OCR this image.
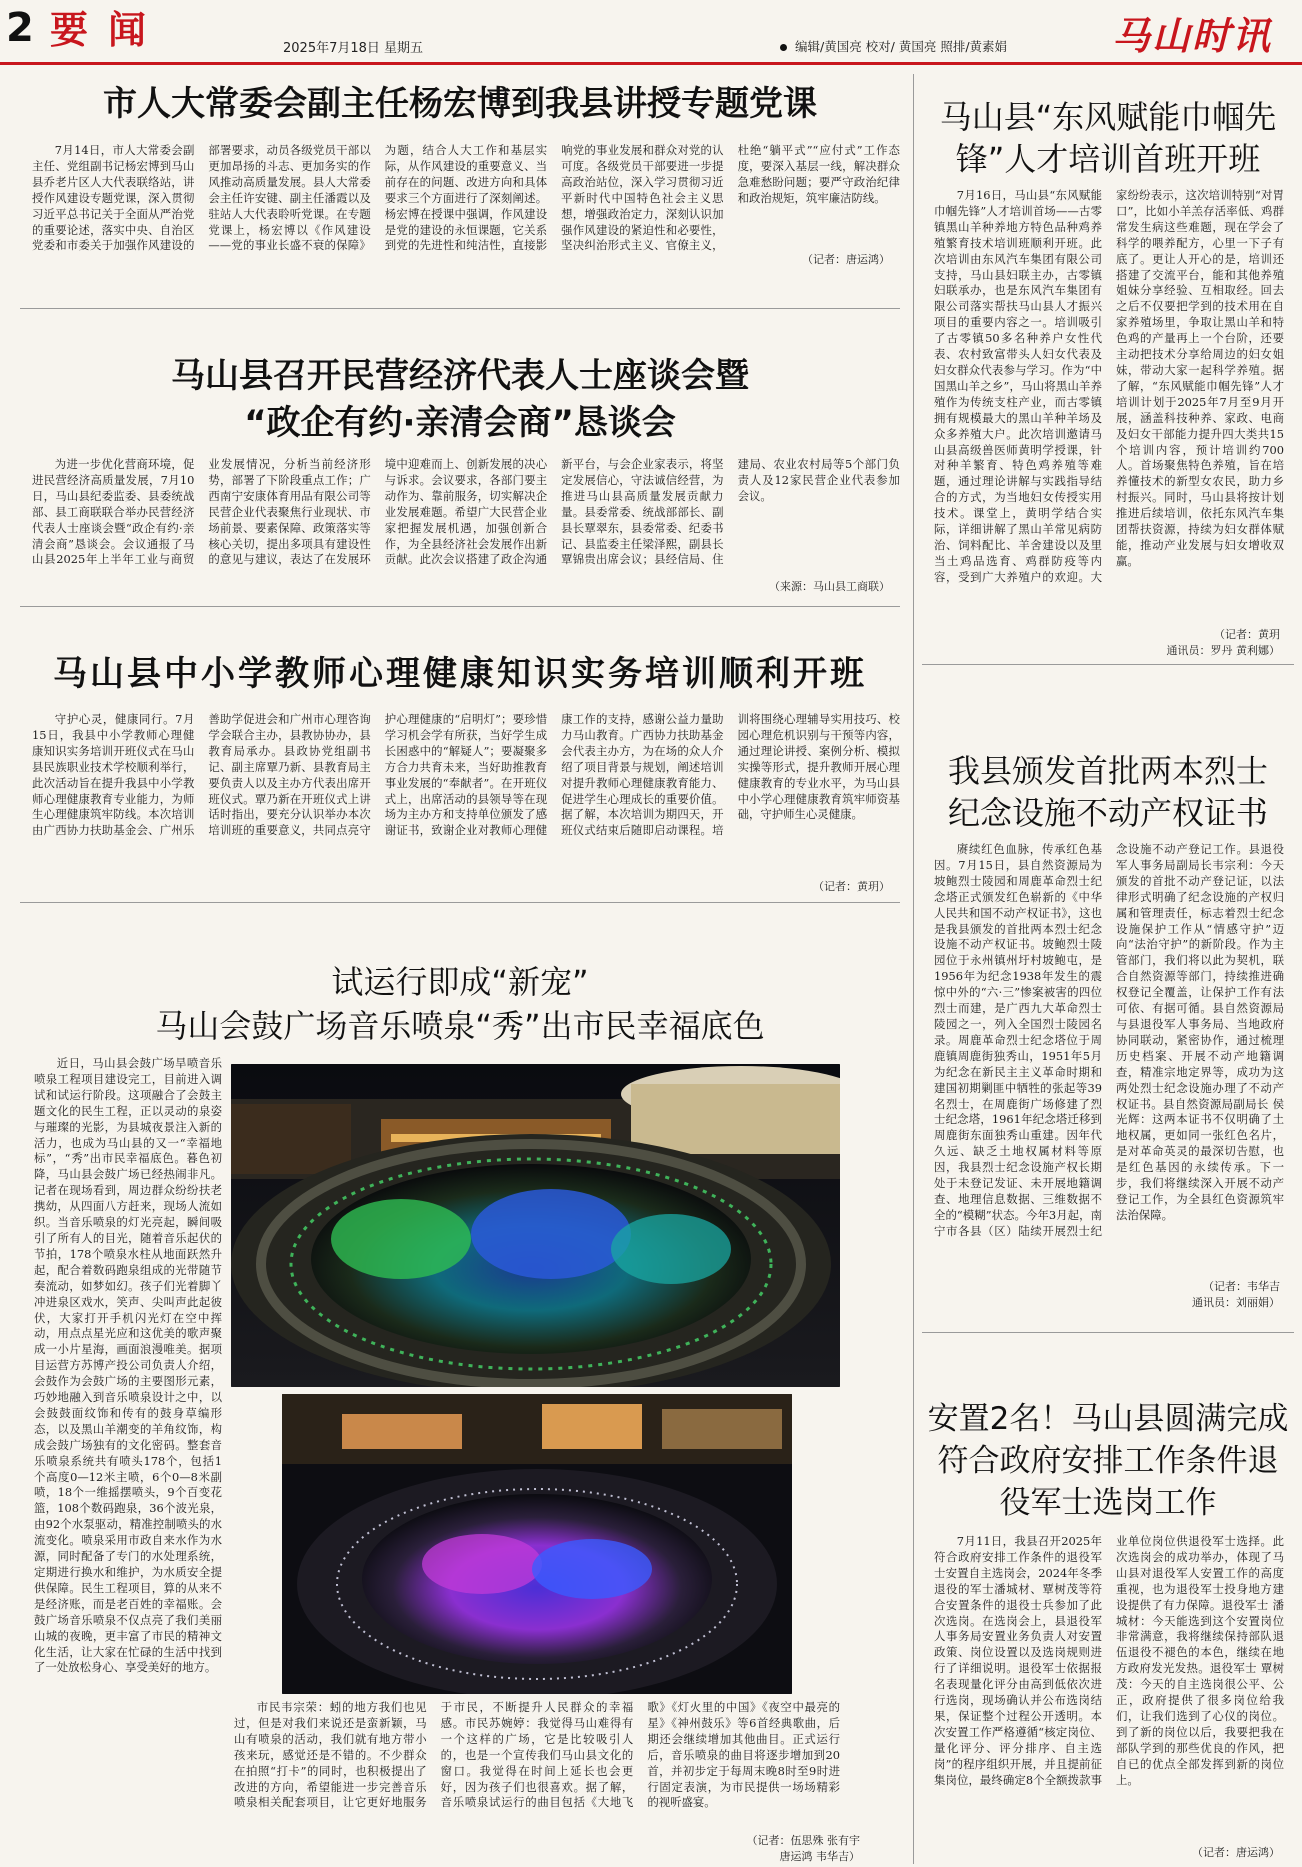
2 要闻	2025年7月18日 星期五	编辑/黄国亮 校对/ 黄国亮 照排/黄素娟	马山时讯
市人大常委会副主任杨宏博到我县讲授专题党课

7月14日，市人大常委会副主任、党组副书记杨宏博到马山县乔老片区人大代表联络站，讲授作风建设专题党课，深入贯彻习近平总书记关于全面从严治党的重要论述，落实中央、自治区党委和市委关于加强作风建设的部署要求，动员各级党员干部以更加昂扬的斗志、更加务实的作风推动高质量发展。县人大常委会主任许安键、副主任潘霞以及驻站人大代表聆听党课。在专题党课上，杨宏博以《作风建设——党的事业长盛不衰的保障》为题，结合人大工作和基层实际，从作风建设的重要意义、当前存在的问题、改进方向和具体要求三个方面进行了深刻阐述。杨宏博在授课中强调，作风建设是党的建设的永恒课题，它关系到党的先进性和纯洁性，直接影响党的事业发展和群众对党的认可度。各级党员干部要进一步提高政治站位，深入学习贯彻习近平新时代中国特色社会主义思想，增强政治定力，深刻认识加强作风建设的紧迫性和必要性，坚决纠治形式主义、官僚主义，杜绝“躺平式”“应付式”工作态度，要深入基层一线，解决群众急难愁盼问题；要严守政治纪律和政治规矩，筑牢廉洁防线。

（记者：唐运鸿）
马山县召开民营经济代表人士座谈会暨
“政企有约·亲清会商”恳谈会

为进一步优化营商环境，促进民营经济高质量发展，7月10日，马山县纪委监委、县委统战部、县工商联联合举办民营经济代表人士座谈会暨“政企有约·亲清会商”恳谈会。会议通报了马山县2025年上半年工业与商贸业发展情况，分析当前经济形势，部署了下阶段重点工作；广西南宁安康体育用品有限公司等民营企业代表聚焦行业现状、市场前景、要素保障、政策落实等核心关切，提出多项具有建设性的意见与建议，表达了在发展环境中迎难而上、创新发展的决心与诉求。会议要求，各部门要主动作为、靠前服务，切实解决企业发展难题。希望广大民营企业家把握发展机遇，加强创新合作，为全县经济社会发展作出新贡献。此次会议搭建了政企沟通新平台，与会企业家表示，将坚定发展信心，守法诚信经营，为推进马山县高质量发展贡献力量。县委常委、统战部部长、副县长覃翠东，县委常委、纪委书记、县监委主任梁泽熙，副县长覃锦贵出席会议；县经信局、住建局、农业农村局等5个部门负责人及12家民营企业代表参加会议。

（来源：马山县工商联）
马山县中小学教师心理健康知识实务培训顺利开班

守护心灵，健康同行。7月15日，我县中小学教师心理健康知识实务培训开班仪式在马山县民族职业技术学校顺利举行，此次活动旨在提升我县中小学教师心理健康教育专业能力，为师生心理健康筑牢防线。本次培训由广西协力扶助基金会、广州乐善助学促进会和广州市心理咨询学会联合主办，县教协协办，县教育局承办。县政协党组副书记、副主席覃乃新、县教育局主要负责人以及主办方代表出席开班仪式。覃乃新在开班仪式上讲话时指出，要充分认识举办本次培训班的重要意义，共同点亮守护心理健康的“启明灯”；要珍惜学习机会学有所获，当好学生成长困惑中的“解疑人”；要凝聚多方合力共育未来，当好助推教育事业发展的“奉献者”。在开班仪式上，出席活动的县领导等在现场为主办方和支持单位颁发了感谢证书，致谢企业对教师心理健康工作的支持，感谢公益力量助力马山教育。广西协力扶助基金会代表主办方，为在场的众人介绍了项目背景与规划，阐述培训对提升教师心理健康教育能力、促进学生心理成长的重要价值。据了解，本次培训为期四天，开班仪式结束后随即启动课程。培训将围绕心理辅导实用技巧、校园心理危机识别与干预等内容，通过理论讲授、案例分析、模拟实操等形式，提升教师开展心理健康教育的专业水平，为马山县中小学心理健康教育筑牢师资基础，守护师生心灵健康。

（记者：黄玥）
试运行即成“新宠”
马山会鼓广场音乐喷泉“秀”出市民幸福底色

近日，马山县会鼓广场旱喷音乐喷泉工程项目建设完工，目前进入调试和试运行阶段。这项融合了会鼓主题文化的民生工程，正以灵动的泉姿与璀璨的光影，为县城夜景注入新的活力，也成为马山县的又一“幸福地标”，“秀”出市民幸福底色。暮色初降，马山县会鼓广场已经热闹非凡。记者在现场看到，周边群众纷纷扶老携幼，从四面八方赶来，现场人流如织。当音乐喷泉的灯光亮起，瞬间吸引了所有人的目光，随着音乐起伏的节拍，178个喷泉水柱从地面跃然升起，配合着数码跑泉组成的光带随节奏流动，如梦如幻。孩子们光着脚丫冲进泉区戏水，笑声、尖叫声此起彼伏，大家打开手机闪光灯在空中挥动，用点点星光应和这优美的歌声聚成一小片星海，画面浪漫唯美。据项目运营方苏博产投公司负责人介绍，会鼓作为会鼓广场的主要图形元素，巧妙地融入到音乐喷泉设计之中，以会鼓鼓面纹饰和传有的鼓身草编形态，以及黑山羊潮变的羊角纹饰，构成会鼓广场独有的文化密码。整套音乐喷泉系统共有喷头178个，包括1个高度0—12米主喷，6个0—8米副喷，18个一维摇摆喷头，9个百变花篮，108个数码跑泉，36个波光泉，由92个水泵驱动，精准控制喷头的水流变化。喷泉采用市政自来水作为水源，同时配备了专门的水处理系统，定期进行换水和维护，为水质安全提供保障。民生工程项目，算的从来不是经济账，而是老百姓的幸福账。会鼓广场音乐喷泉不仅点亮了我们美丽山城的夜晚，更丰富了市民的精神文化生活，让大家在忙碌的生活中找到了一处放松身心、享受美好的地方。

市民韦宗荣：蚓的地方我们也见过，但是对我们来说还是蛮新颖，马山有喷泉的活动，我们就有地方带小孩来玩，感觉还是不错的。不少群众在拍照“打卡”的同时，也积极提出了改进的方向，希望能进一步完善音乐喷泉相关配套项目，让它更好地服务于市民，不断提升人民群众的幸福感。市民苏婉婷：我觉得马山难得有一个这样的广场，它是比较吸引人的，也是一个宣传我们马山县文化的窗口。我觉得在时间上延长也会更好，因为孩子们也很喜欢。据了解，音乐喷泉试运行的曲目包括《大地飞歌》《灯火里的中国》《夜空中最亮的星》《神州鼓乐》等6首经典歌曲，后期还会继续增加其他曲目。正式运行后，音乐喷泉的曲目将逐步增加到20首，并初步定于每周末晚8时至9时进行固定表演，为市民提供一场场精彩的视听盛宴。

（记者：伍思殊 张有宇
唐运鸿 韦华吉）
马山县“东风赋能巾帼先
锋”人才培训首班开班

7月16日，马山县“东风赋能巾帼先锋”人才培训首场——古零镇黑山羊种养地方特色品种鸡养殖繁育技术培训班顺利开班。此次培训由东风汽车集团有限公司支持，马山县妇联主办，古零镇妇联承办，也是东风汽车集团有限公司落实帮扶马山县人才振兴项目的重要内容之一。培训吸引了古零镇50多名种养户女性代表、农村致富带头人妇女代表及妇女群众代表参与学习。作为“中国黑山羊之乡”，马山将黑山羊养殖作为传统支柱产业，而古零镇拥有规模最大的黑山羊种羊场及众多养殖大户。此次培训邀请马山县高级兽医师黄明学授课，针对种羊繁育、特色鸡养殖等难题，通过理论讲解与实践指导结合的方式，为当地妇女传授实用技术。课堂上，黄明学结合实际，详细讲解了黑山羊常见病防治、饲料配比、羊舍建设以及里当土鸡品选育、鸡群防疫等内容，受到广大养殖户的欢迎。大家纷纷表示，这次培训特别“对胃口”，比如小羊羔存活率低、鸡群常发生病这些难题，现在学会了科学的喂养配方，心里一下子有底了。更让人开心的是，培训还搭建了交流平台，能和其他养殖姐妹分享经验、互相取经。回去之后不仅要把学到的技术用在自家养殖场里，争取让黑山羊和特色鸡的产量再上一个台阶，还要主动把技术分享给周边的妇女姐妹，带动大家一起科学养殖。据了解，“东风赋能巾帼先锋”人才培训计划于2025年7月至9月开展，涵盖科技种养、家政、电商及妇女干部能力提升四大类共15个培训内容，预计培训约700人。首场聚焦特色养殖，旨在培养懂技术的新型女农民，助力乡村振兴。同时，马山县将按计划推进后续培训，依托东风汽车集团帮扶资源，持续为妇女群体赋能，推动产业发展与妇女增收双赢。

（记者：黄玥
通讯员：罗丹 黄利娜）
我县颁发首批两本烈士
纪念设施不动产权证书

赓续红色血脉，传承红色基因。7月15日，县自然资源局为坡鲍烈士陵园和周鹿革命烈士纪念塔正式颁发红色崭新的《中华人民共和国不动产权证书》，这也是我县颁发的首批两本烈士纪念设施不动产权证书。坡鲍烈士陵园位于永州镇州圩村坡鲍屯，是1956年为纪念1938年发生的震惊中外的“六·三”惨案被害的四位烈士而建，是广西九大革命烈士陵园之一，列入全国烈士陵园名录。周鹿革命烈士纪念塔位于周鹿镇周鹿街独秀山，1951年5月为纪念在新民主主义革命时期和建国初期剿匪中牺牲的张起等39名烈士，在周鹿街广场修建了烈士纪念塔，1961年纪念塔迁移到周鹿街东面独秀山重建。因年代久远、缺乏土地权属材料等原因，我县烈士纪念设施产权长期处于未登记发证、未开展地籍调查、地理信息数据、三维数据不全的“模糊”状态。今年3月起，南宁市各县（区）陆续开展烈士纪念设施不动产登记工作。县退役军人事务局副局长韦宗利：今天颁发的首批不动产登记证，以法律形式明确了纪念设施的产权归属和管理责任，标志着烈士纪念设施保护工作从“情感守护”迈向“法治守护”的新阶段。作为主管部门，我们将以此为契机，联合自然资源等部门，持续推进确权登记全覆盖，让保护工作有法可依、有据可循。县自然资源局与县退役军人事务局、当地政府协同联动，紧密协作，通过梳理历史档案、开展不动产地籍调查，精准宗地定界等，成功为这两处烈士纪念设施办理了不动产权证书。县自然资源局副局长 侯光辉：这两本证书不仅明确了土地权属，更如同一张红色名片，是对革命英灵的最深切告慰，也是红色基因的永续传承。下一步，我们将继续深入开展不动产登记工作，为全县红色资源筑牢法治保障。

（记者：韦华吉
通讯员：刘丽娟）
安置2名！马山县圆满完成
符合政府安排工作条件退
役军士选岗工作

7月11日，我县召开2025年符合政府安排工作条件的退役军士安置自主选岗会，2024年冬季退役的军士潘城材、覃树茂等符合安置条件的退役士兵参加了此次选岗。在选岗会上，县退役军人事务局安置业务负责人对安置政策、岗位设置以及选岗规则进行了详细说明。退役军士依据报名表现量化评分由高到低依次进行选岗，现场确认并公布选岗结果，保证整个过程公开透明。本次安置工作严格遵循“核定岗位、量化评分、评分排序、自主选岗”的程序组织开展，并且提前征集岗位，最终确定8个全额拨款事业单位岗位供退役军士选择。此次选岗会的成功举办，体现了马山县对退役军人安置工作的高度重视，也为退役军士投身地方建设提供了有力保障。退役军士 潘城材：今天能选到这个安置岗位非常满意，我将继续保持部队退伍退役不褪色的本色，继续在地方政府发光发热。退役军士 覃树茂：今天的自主选岗很公平、公正，政府提供了很多岗位给我们，让我们选到了心仪的岗位。到了新的岗位以后，我要把我在部队学到的那些优良的作风，把自已的优点全部发挥到新的岗位上。

（记者：唐运鸿）
